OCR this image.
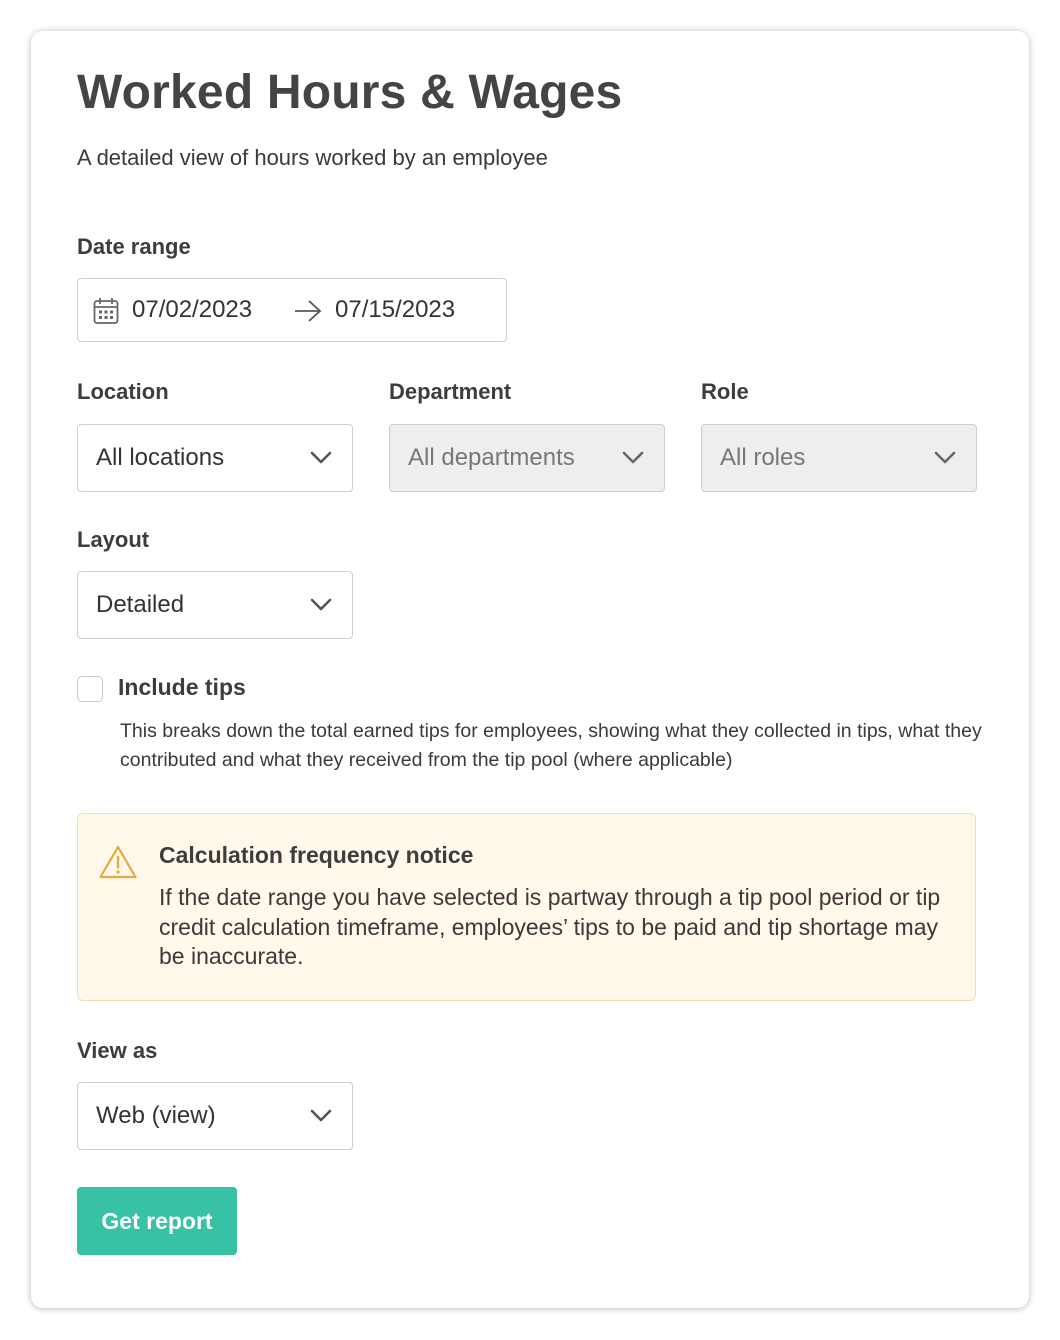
Worked Hours & Wages
A detailed view of hours worked by an employee
Date range
07/02/2023	07/15/2023
Location
All locations
Department
All departments
Role
All roles
Layout
Detailed
Include tips
This breaks down the total earned tips for employees, showing what they collected in tips, what they contributed and what they received from the tip pool (where applicable)
Calculation frequency notice
If the date range you have selected is partway through a tip pool period or tip credit calculation timeframe, employees’ tips to be paid and tip shortage may be inaccurate.
View as
Web (view)
Get report
